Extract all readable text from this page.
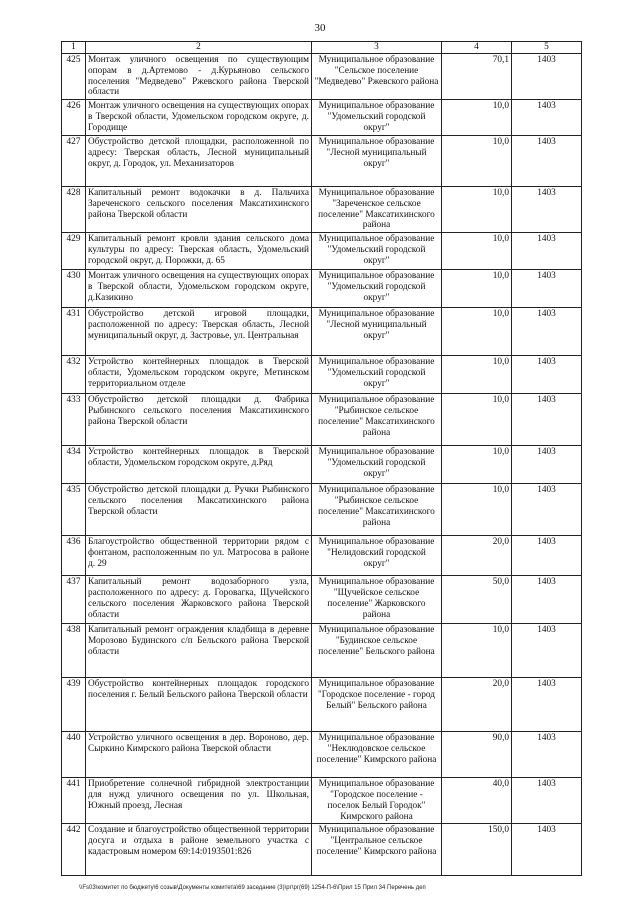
30
1	2	3	4	5
425	Монтаж уличного освещения по существующим опорам в д.Артемово - д.Курьяново сельского поселения "Медведево" Ржевского района Тверской области	Муниципальное образование "Сельское поселение "Медведево" Ржевского района	70,1	1403
426	Монтаж уличного освещения на существующих опорах в Тверской области, Удомельском городском округе, д. Городище	Муниципальное образование "Удомельский городской округ"	10,0	1403
427	Обустройство детской площадки, расположенной по адресу: Тверская область, Лесной муниципальный округ, д. Городок, ул. Механизаторов	Муниципальное образование "Лесной муниципальный округ"	10,0	1403
428	Капитальный ремонт водокачки в д. Пальчиха Зареченского сельского поселения Максатихинского района Тверской области	Муниципальное образование "Зареченское сельское поселение" Максатихинского района	10,0	1403
429	Капитальный ремонт кровли здания сельского дома культуры по адресу: Тверская область, Удомельский городской округ, д. Порожки, д. 65	Муниципальное образование "Удомельский городской округ"	10,0	1403
430	Монтаж уличного освещения на существующих опорах в Тверской области, Удомельском городском округе, д.Казикино	Муниципальное образование "Удомельский городской округ"	10,0	1403
431	Обустройство детской игровой площадки, расположенной по адресу: Тверская область, Лесной муниципальный округ, д. Застровье, ул. Центральная	Муниципальное образование "Лесной муниципальный округ"	10,0	1403
432	Устройство контейнерных площадок в Тверской области, Удомельском городском округе, Метинском территориальном отделе	Муниципальное образование "Удомельский городской округ"	10,0	1403
433	Обустройство детской площадки д. Фабрика Рыбинского сельского поселения Максатихинского района Тверской области	Муниципальное образование "Рыбинское сельское поселение" Максатихинского района	10,0	1403
434	Устройство контейнерных площадок в Тверской области, Удомельском городском округе, д.Ряд	Муниципальное образование "Удомельский городской округ"	10,0	1403
435	Обустройство детской площадки д. Ручки Рыбинского сельского поселения Максатихинского района Тверской области	Муниципальное образование "Рыбинское сельское поселение" Максатихинского района	10,0	1403
436	Благоустройство общественной территории рядом с фонтаном, расположенным по ул. Матросова в районе д. 29	Муниципальное образование "Нелидовский городской округ"	20,0	1403
437	Капитальный ремонт водозаборного узла, расположенного по адресу: д. Горовагка, Щучейского сельского поселения Жарковского района Тверской области	Муниципальное образование "Щучейское сельское поселение" Жарковского района	50,0	1403
438	Капитальный ремонт ограждения кладбища в деревне Морозово Будинского с/п Бельского района Тверской области	Муниципальное образование "Будинское сельское поселение" Бельского района	10,0	1403
439	Обустройство контейнерных площадок городского поселения г. Белый Бельского района Тверской области	Муниципальное образование "Городское поселение - город Белый" Бельского района	20,0	1403
440	Устройство уличного освещения в дер. Вороново, дер. Сыркино Кимрского района Тверской области	Муниципальное образование "Неклюдовское сельское поселение" Кимрского района	90,0	1403
441	Приобретение солнечной гибридной электростанции для нужд уличного освещения по ул. Школьная, Южный проезд, Лесная	Муниципальное образование "Городское поселение - поселок Белый Городок" Кимрского района	40,0	1403
442	Создание и благоустройство общественной территории досуга и отдыха в районе земельного участка с кадастровым номером 69:14:0193501:826	Муниципальное образование "Центральное сельское поселение" Кимрского района	150,0	1403
\\Fs03\комитет по бюджету\6 созыв\Документы комитета\69 заседание (3)\рг\рг(69) 1254-П-6\Прил 15 Прил 34 Перечень деп
